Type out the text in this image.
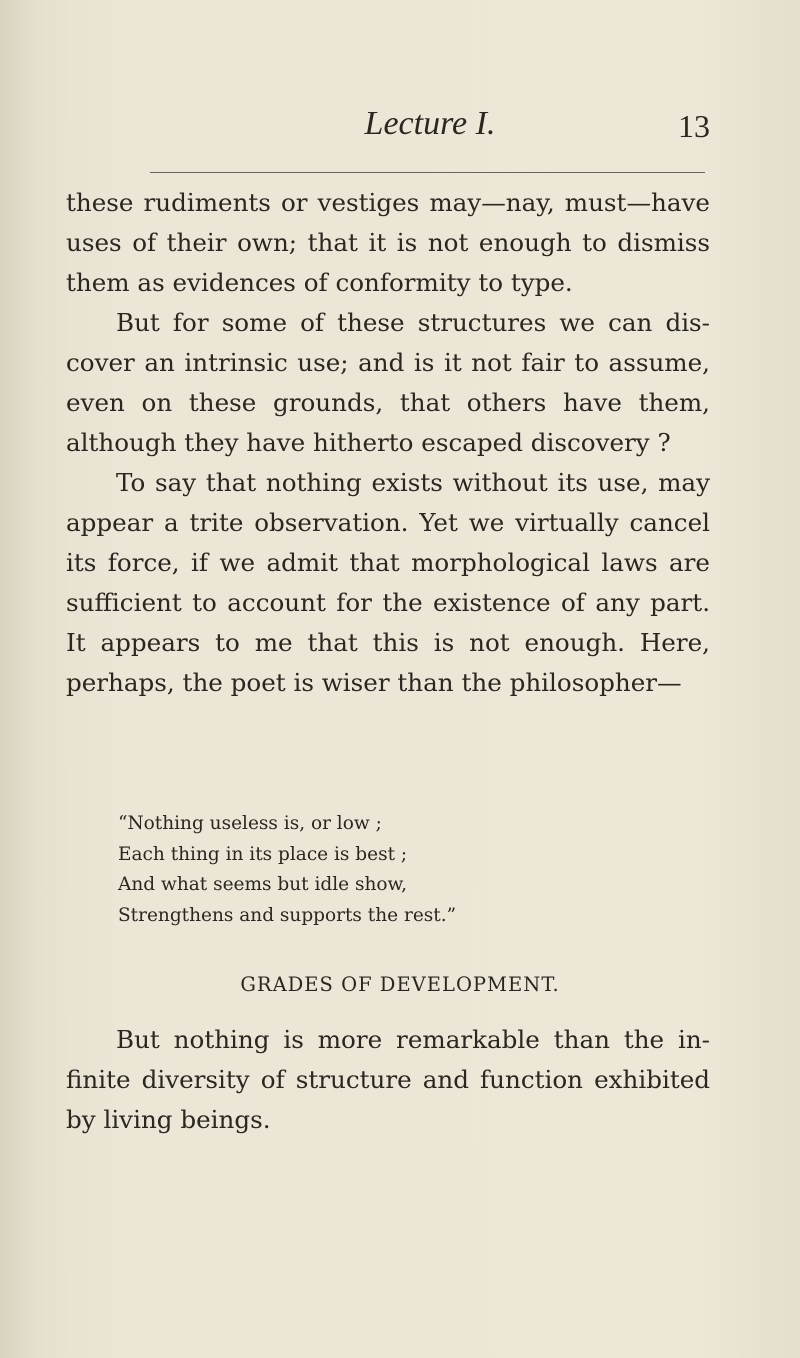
Lecture I.	13

these rudiments or vestiges may—nay, must—have uses of their own; that it is not enough to dismiss them as evidences of conformity to type.

But for some of these structures we can dis- cover an intrinsic use; and is it not fair to assume, even on these grounds, that others have them, although they have hitherto escaped discovery ?

To say that nothing exists without its use, may appear a trite observation. Yet we virtually cancel its force, if we admit that morphological laws are sufficient to account for the existence of any part. It appears to me that this is not enough. Here, perhaps, the poet is wiser than the philosopher—

“Nothing useless is, or low ;
Each thing in its place is best ;
And what seems but idle show,
Strengthens and supports the rest.”
GRADES OF DEVELOPMENT.

But nothing is more remarkable than the in- finite diversity of structure and function exhibited by living beings.
